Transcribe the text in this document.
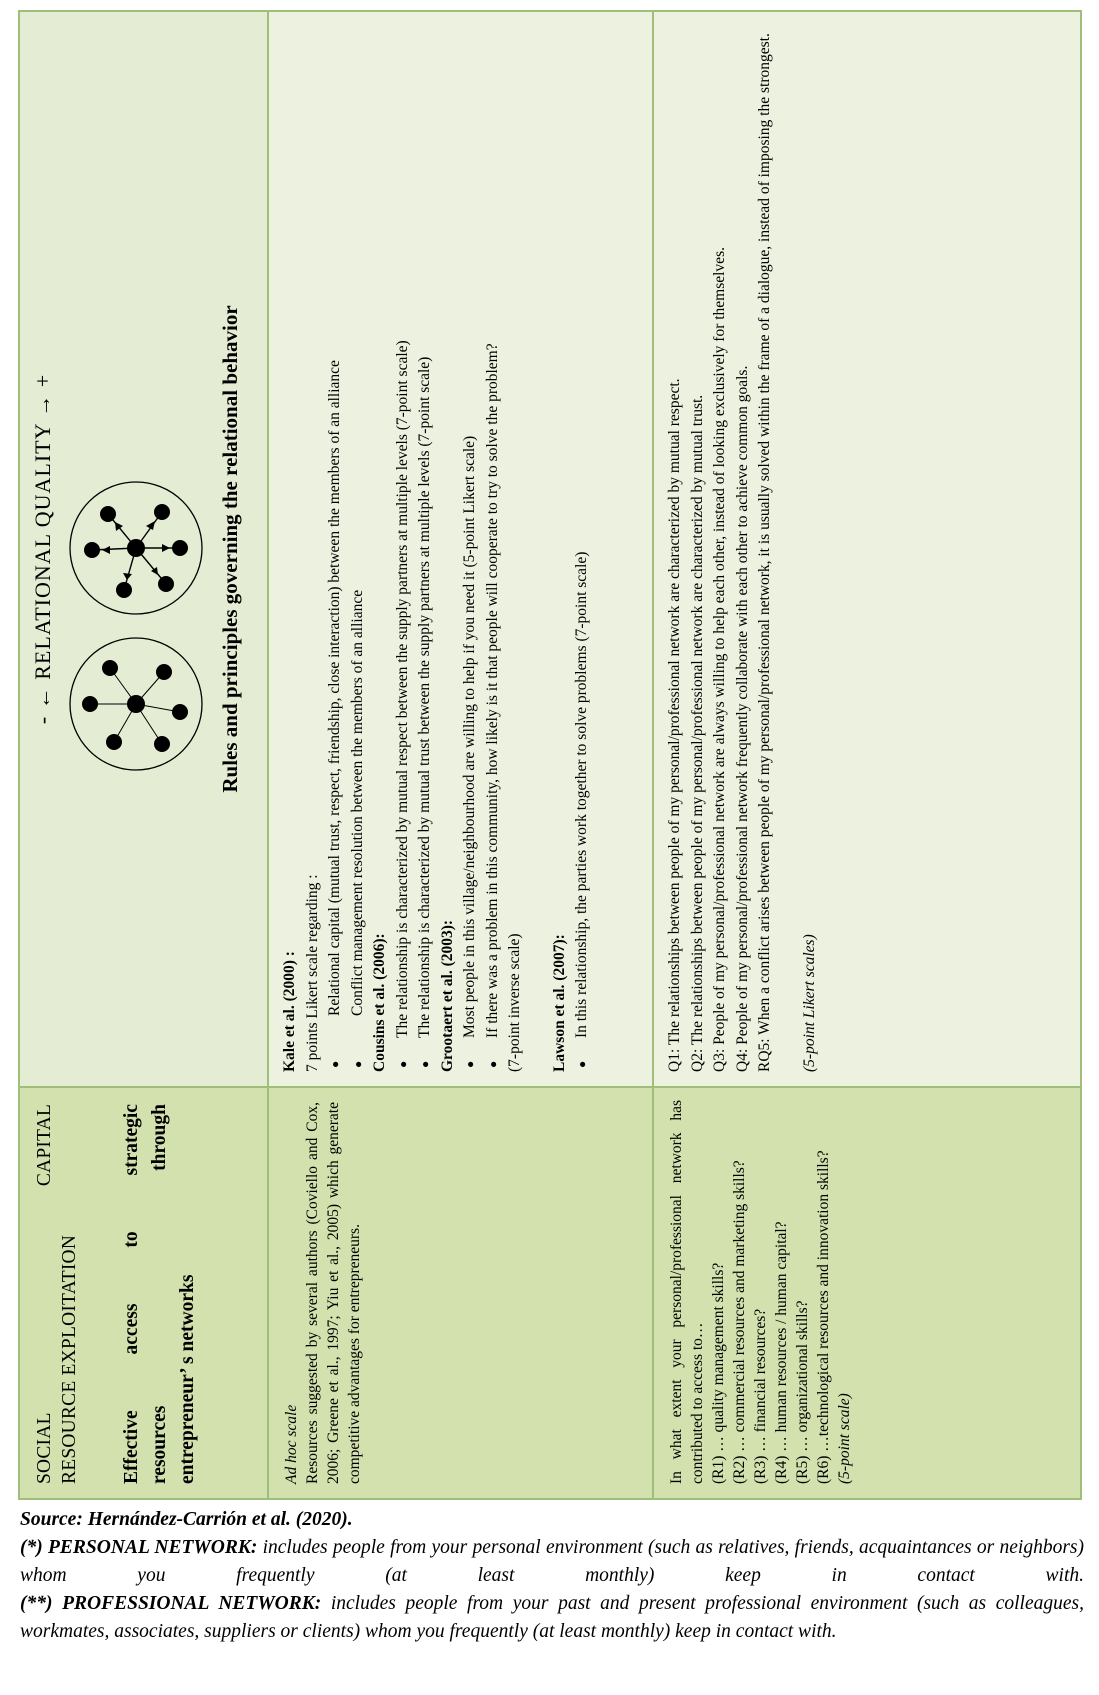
SOCIAL
CAPITAL
RESOURCE EXPLOITATION Effective
access
to
strategic
resources
through
entrepreneur’ s networks
- ← RELATIONAL QUALITY → +	Rules and principles governing the relational behavior
Ad hoc scale Resources suggested by several authors (Coviello and Cox, 2006; Greene et al., 1997; Yiu et al., 2005) which generate competitive advantages for entrepreneurs.
Kale et al. (2000) : 7 points Likert scale regarding : ● Relational capital (mutual trust, respect, friendship, close interaction) between the members of an alliance ● Conflict management resolution between the members of an alliance Cousins et al. (2006): ● The relationship is characterized by mutual respect between the supply partners at multiple levels (7-point scale) ● The relationship is characterized by mutual trust between the supply partners at multiple levels (7-point scale) Grootaert et al. (2003): ● Most people in this village/neighbourhood are willing to help if you need it (5-point Likert scale) ● If there was a problem in this community, how likely is it that people will cooperate to try to solve the problem? (7-point inverse scale) Lawson et al. (2007): ● In this relationship, the parties work together to solve problems (7-point scale)
In what extent your personal/professional network has contributed to access to… (R1) … quality management skills? (R2) … commercial resources and marketing skills? (R3) … financial resources? (R4) … human resources / human capital? (R5) … organizational skills? (R6) …technological resources and innovation skills? (5-point scale)
Q1: The relationships between people of my personal/professional network are characterized by mutual respect. Q2: The relationships between people of my personal/professional network are characterized by mutual trust. Q3: People of my personal/professional network are always willing to help each other, instead of looking exclusively for themselves. Q4: People of my personal/professional network frequently collaborate with each other to achieve common goals. RQ5: When a conflict arises between people of my personal/professional network, it is usually solved within the frame of a dialogue, instead of imposing the strongest. (5-point Likert scales)
Source: Hernández-Carrión et al. (2020).
(*) PERSONAL NETWORK: includes people from your personal environment (such as relatives, friends, acquaintances or neighbors) whom you frequently (at least monthly) keep in contact with.
(**) PROFESSIONAL NETWORK: includes people from your past and present professional environment (such as colleagues, workmates, associates, suppliers or clients) whom you frequently (at least monthly) keep in contact with.
